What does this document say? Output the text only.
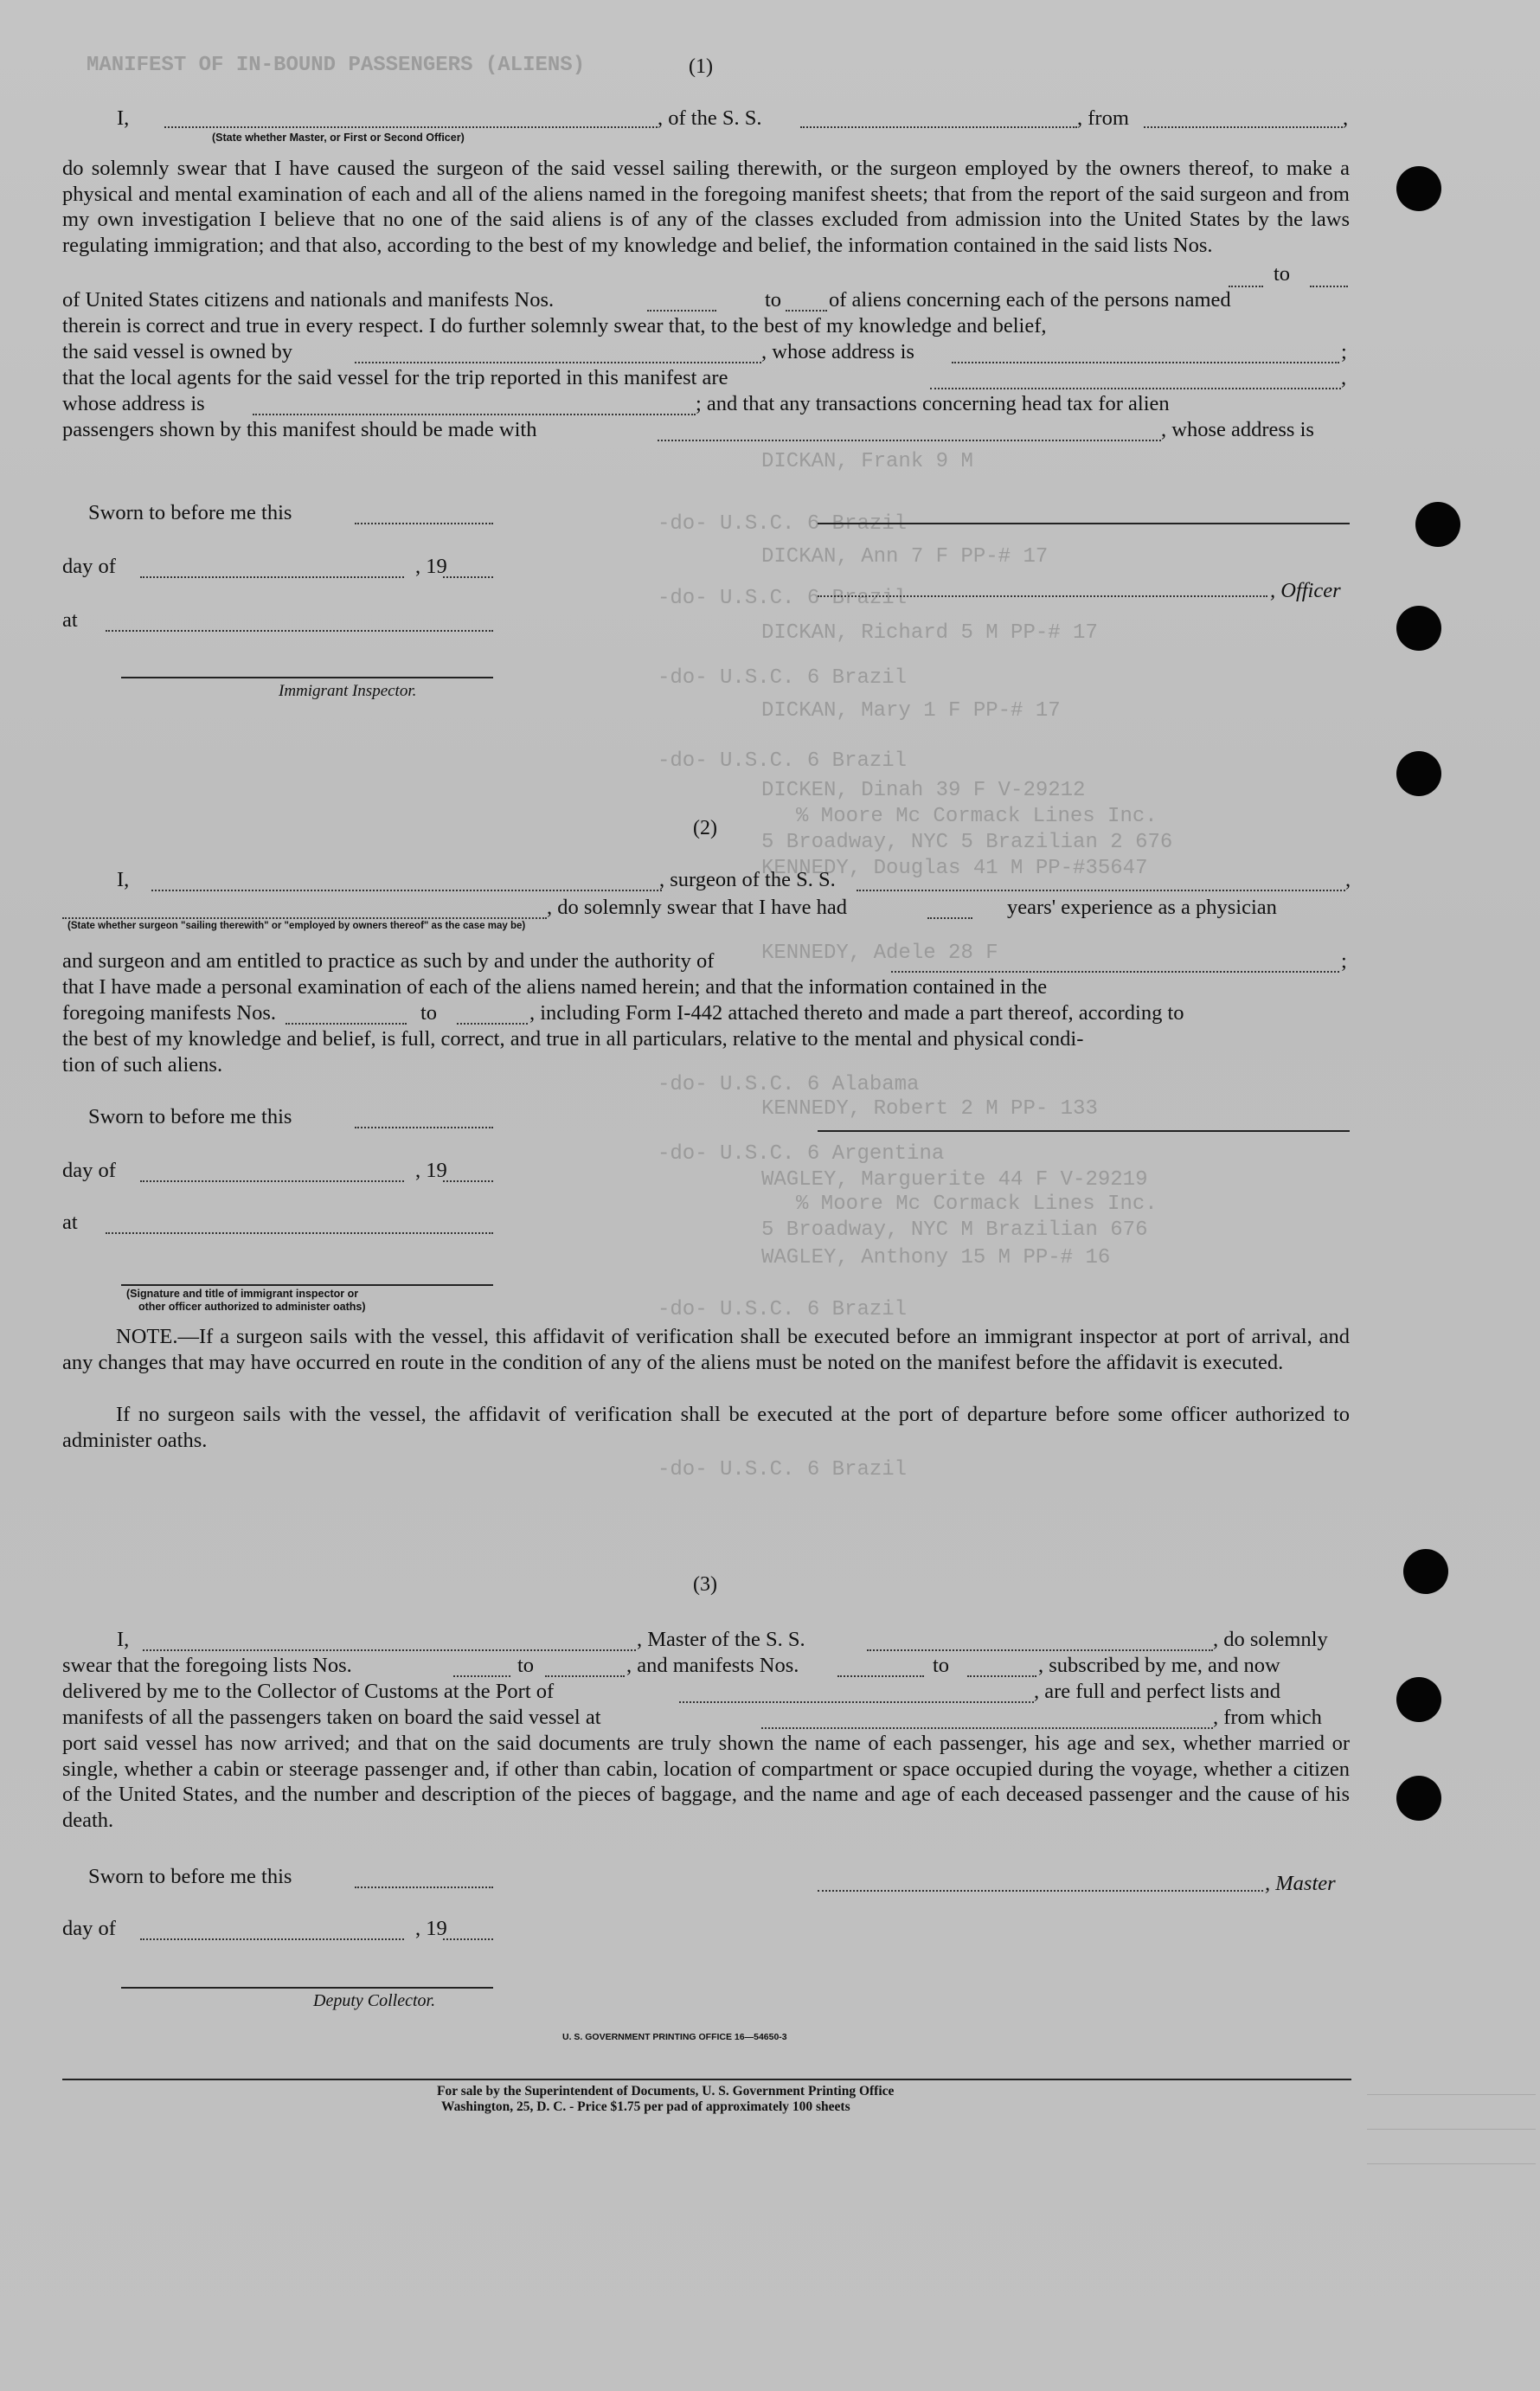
MANIFEST OF IN-BOUND PASSENGERS (ALIENS)
DICKAN, Frank 9 M
-do- U.S.C. 6 Brazil
DICKAN, Ann 7 F PP-# 17
-do- U.S.C. 6 Brazil
DICKAN, Richard 5 M PP-# 17
-do- U.S.C. 6 Brazil
DICKAN, Mary 1 F PP-# 17
-do- U.S.C. 6 Brazil
DICKEN, Dinah 39 F V-29212
% Moore Mc Cormack Lines Inc.
5 Broadway, NYC 5 Brazilian 2 676
KENNEDY, Douglas 41 M PP-#35647
KENNEDY, Adele 28 F
-do- U.S.C. 6 Alabama
KENNEDY, Robert 2 M PP- 133
-do- U.S.C. 6 Argentina
WAGLEY, Marguerite 44 F V-29219
% Moore Mc Cormack Lines Inc.
5 Broadway, NYC M Brazilian 676
WAGLEY, Anthony 15 M PP-# 16
-do- U.S.C. 6 Brazil
-do- U.S.C. 6 Brazil
(1)
I,	, of the S. S.	, from	,
(State whether Master, or First or Second Officer)
do solemnly swear that I have caused the surgeon of the said vessel sailing therewith, or the surgeon employed by the owners thereof, to make a physical and mental examination of each and all of the aliens named in the foregoing manifest sheets; that from the report of the said surgeon and from my own investigation I believe that no one of the said aliens is of any of the classes excluded from admission into the United States by the laws regulating immigration; and that also, according to the best of my knowledge and belief, the information contained in the said lists Nos.
to
of United States citizens and nationals and manifests Nos.	to of aliens concerning each of the persons named
therein is correct and true in every respect. I do further solemnly swear that, to the best of my knowledge and belief,
the said vessel is owned by	, whose address is	;
that the local agents for the said vessel for the trip reported in this manifest are	,
whose address is	; and that any transactions concerning head tax for alien
passengers shown by this manifest should be made with	, whose address is
Sworn to before me this
day of	, 19
, Officer
at
Immigrant Inspector.
(2)
I,	, surgeon of the S. S.	,
, do solemnly swear that I have had	years' experience as a physician
(State whether surgeon "sailing therewith" or "employed by owners thereof" as the case may be)
and surgeon and am entitled to practice as such by and under the authority of	;
that I have made a personal examination of each of the aliens named herein; and that the information contained in the
foregoing manifests Nos.	to	, including Form I-442 attached thereto and made a part thereof, according to
the best of my knowledge and belief, is full, correct, and true in all particulars, relative to the mental and physical condi-
tion of such aliens.
Sworn to before me this
day of	, 19
at
(Signature and title of immigrant inspector or
other officer authorized to administer oaths)
NOTE.—If a surgeon sails with the vessel, this affidavit of verification shall be executed before an immigrant inspector at port of arrival, and any changes that may have occurred en route in the condition of any of the aliens must be noted on the manifest before the affidavit is executed.
If no surgeon sails with the vessel, the affidavit of verification shall be executed at the port of departure before some officer authorized to administer oaths.
(3)
I,	, Master of the S. S.	, do solemnly
swear that the foregoing lists Nos.	to	, and manifests Nos.	to	, subscribed by me, and now
delivered by me to the Collector of Customs at the Port of	, are full and perfect lists and
manifests of all the passengers taken on board the said vessel at	, from which
port said vessel has now arrived; and that on the said documents are truly shown the name of each passenger, his age and sex, whether married or single, whether a cabin or steerage passenger and, if other than cabin, location of compartment or space occupied during the voyage, whether a citizen of the United States, and the number and description of the pieces of baggage, and the name and age of each deceased passenger and the cause of his death.
Sworn to before me this	, Master
day of	, 19
Deputy Collector.
U. S. GOVERNMENT PRINTING OFFICE 16—54650-3
For sale by the Superintendent of Documents, U. S. Government Printing Office
Washington, 25, D. C. - Price $1.75 per pad of approximately 100 sheets
